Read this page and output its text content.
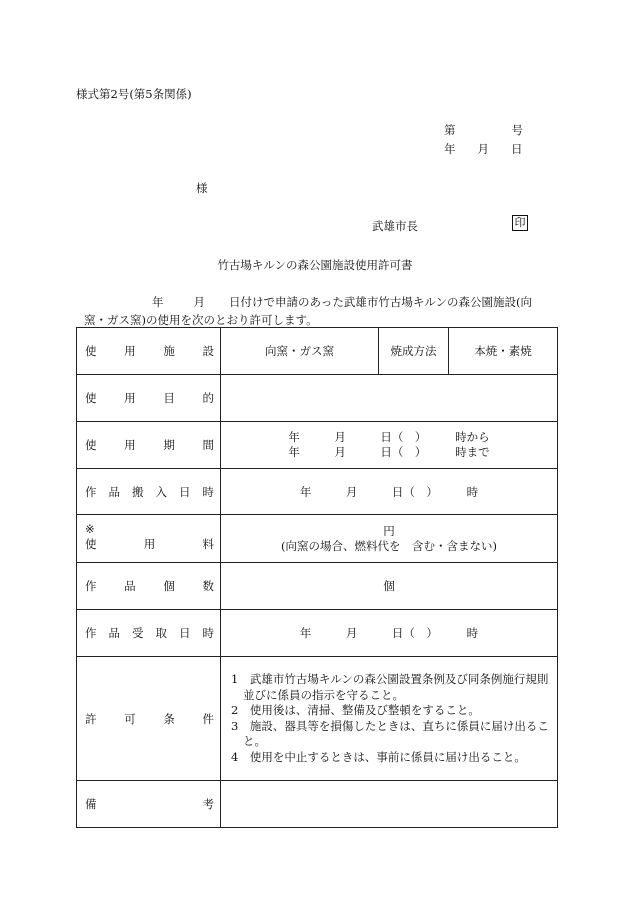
様式第2号(第5条関係)
第	号
年 月 日
様
武雄市長	印
竹古場キルンの森公園施設使用許可書
年	月 日付けで申請のあった武雄市竹古場キルンの森公園施設(向
窯・ガス窯)の使用を次のとおり許可します。
使用施設	向窯・ガス窯	焼成方法	本焼・素焼
使用目的			
使用期間	年　　　月　　　日（　）　　　時から
年　　　月　　　日（　）　　　時まで		

作品搬入日時	年　　　月　　　日（　）　　　時		

※
使用料	円
(向窯の場合、燃料代を　含む・含まない)		

作品個数	個		
作品受取日時	年　　　月　　　日（　）　　　時		
許可条件	1　武雄市竹古場キルンの森公園設置条例及び同条例施行規則並びに係員の指示を守ること。
2　使用後は、清掃、整備及び整頓をすること。
3　施設、器具等を損傷したときは、直ちに係員に届け出ること。
4　使用を中止するときは、事前に係員に届け出ること。		

備考			
